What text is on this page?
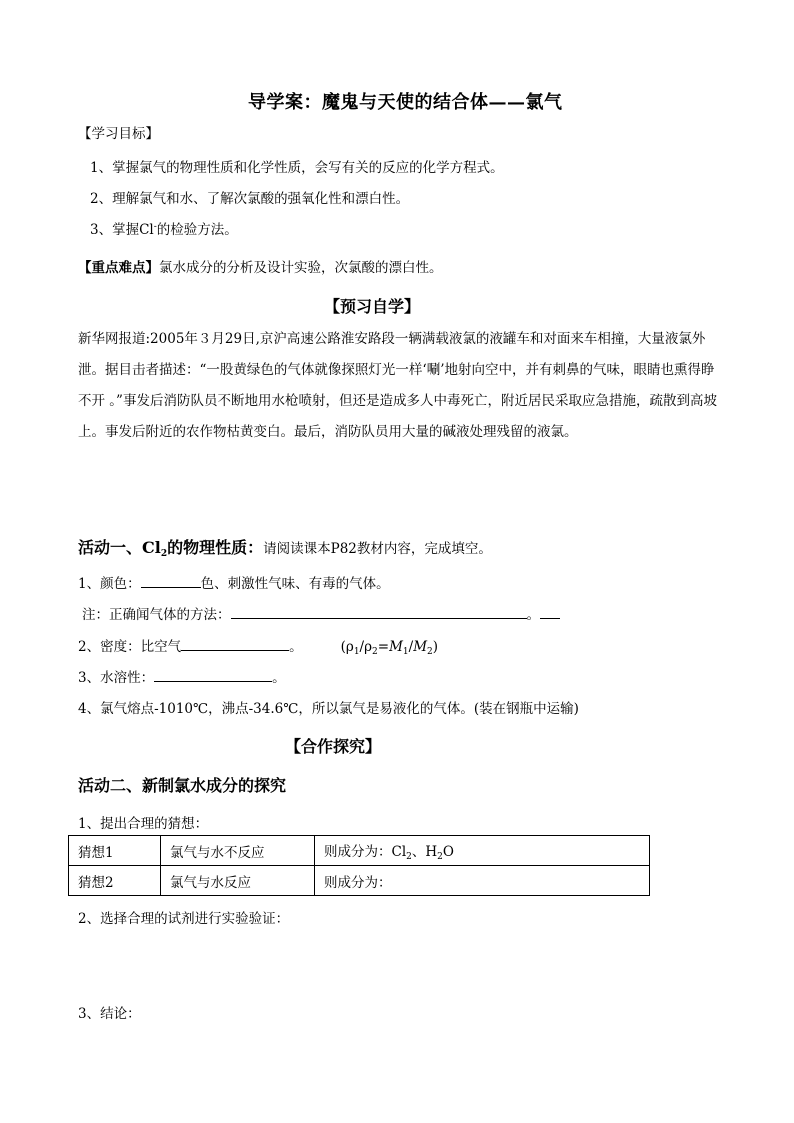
导学案：魔鬼与天使的结合体——氯气
【学习目标】
1、掌握氯气的物理性质和化学性质，会写有关的反应的化学方程式。
2、理解氯气和水、了解次氯酸的强氧化性和漂白性。
3、掌握Cl-的检验方法。
【重点难点】氯水成分的分析及设计实验，次氯酸的漂白性。
【预习自学】
新华网报道:2005年３月29日,京沪高速公路淮安路段一辆满载液氯的液罐车和对面来车相撞，大量液氯外泄。据目击者描述：“一股黄绿色的气体就像探照灯光一样‘唰’地射向空中，并有刺鼻的气味，眼睛也熏得睁不开 。”事发后消防队员不断地用水枪喷射，但还是造成多人中毒死亡，附近居民采取应急措施，疏散到高坡上。事发后附近的农作物枯黄变白。最后，消防队员用大量的碱液处理残留的液氯。
活动一、$Cl_2$的物理性质：请阅读课本P82教材内容，完成填空。
1、颜色：	色、刺激性气味、有毒的气体。
注：正确闻气体的方法：	。
2、密度：比空气	。	$(\rho_1/\rho_2=M_1/M_2)$
3、水溶性：	。
4、氯气熔点-1010℃，沸点-34.6℃，所以氯气是易液化的气体。(装在钢瓶中运输)
【合作探究】
活动二、新制氯水成分的探究
1、提出合理的猜想：
猜想1	氯气与水不反应	则成分为：$Cl_2$、$H_2O$
猜想2	氯气与水反应	则成分为：
2、选择合理的试剂进行实验验证：
3、结论：
